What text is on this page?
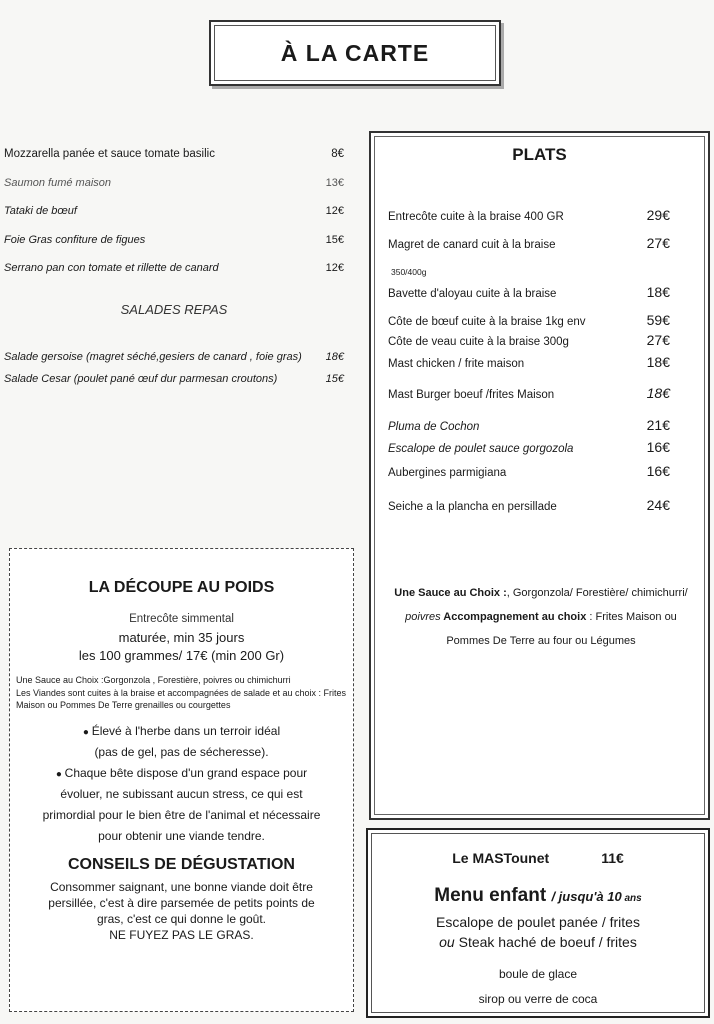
À LA CARTE
Mozzarella panée et sauce tomate basilic	8€
Saumon fumé maison	13€
Tataki de bœuf	12€
Foie Gras confiture de figues	15€
Serrano pan con tomate et rillette de canard	12€
SALADES REPAS
Salade gersoise (magret séché,gesiers de canard , foie gras)	18€
Salade Cesar (poulet pané œuf dur parmesan croutons)	15€
PLATS
Entrecôte cuite à la braise 400 GR	29€
Magret de canard cuit à la braise	27€
350/400g
Bavette d'aloyau cuite à la braise	18€
Côte de bœuf cuite à la braise 1kg env	59€
Côte de veau cuite à la braise 300g	27€
Mast chicken / frite maison	18€
Mast Burger boeuf /frites Maison	18€
Pluma de Cochon	21€
Escalope de poulet sauce gorgozola	16€
Aubergines parmigiana	16€
Seiche a la plancha en persillade	24€
Une Sauce au Choix :, Gorgonzola/ Forestière/ chimichurri/ poivres Accompagnement au choix : Frites Maison ou Pommes De Terre au four ou Légumes
LA DÉCOUPE AU POIDS
Entrecôte simmental
maturée, min 35 jours
les 100 grammes/ 17€ (min 200 Gr)
Une Sauce au Choix :Gorgonzola , Forestière, poivres ou chimichurri
Les Viandes sont cuites à la braise et accompagnées de salade et au choix : Frites Maison ou Pommes De Terre grenailles ou courgettes
● Élevé à l'herbe dans un terroir idéal
(pas de gel, pas de sécheresse).
● Chaque bête dispose d'un grand espace pour
évoluer, ne subissant aucun stress, ce qui est
primordial pour le bien être de l'animal et nécessaire
pour obtenir une viande tendre.
CONSEILS DE DÉGUSTATION
Consommer saignant, une bonne viande doit être
persillée, c'est à dire parsemée de petits points de
gras, c'est ce qui donne le goût.
NE FUYEZ PAS LE GRAS.
Le MASTounet	11€
Menu enfant / jusqu'à 10 ans
Escalope de poulet panée / frites
ou Steak haché de boeuf / frites
boule de glace
sirop ou verre de coca
